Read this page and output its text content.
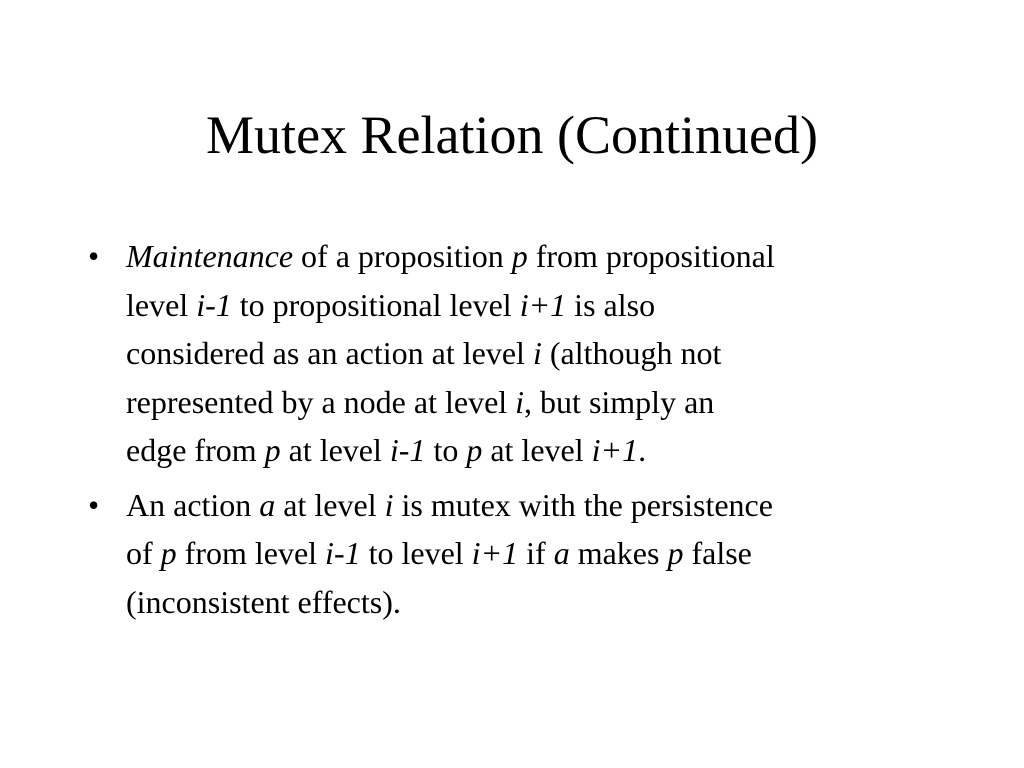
Mutex Relation (Continued)
• Maintenance of a proposition p from propositional
level i-1 to propositional level i+1 is also
considered as an action at level i (although not
represented by a node at level i, but simply an
edge from p at level i-1 to p at level i+1.
• An action a at level i is mutex with the persistence
of p from level i-1 to level i+1 if a makes p false
(inconsistent effects).
